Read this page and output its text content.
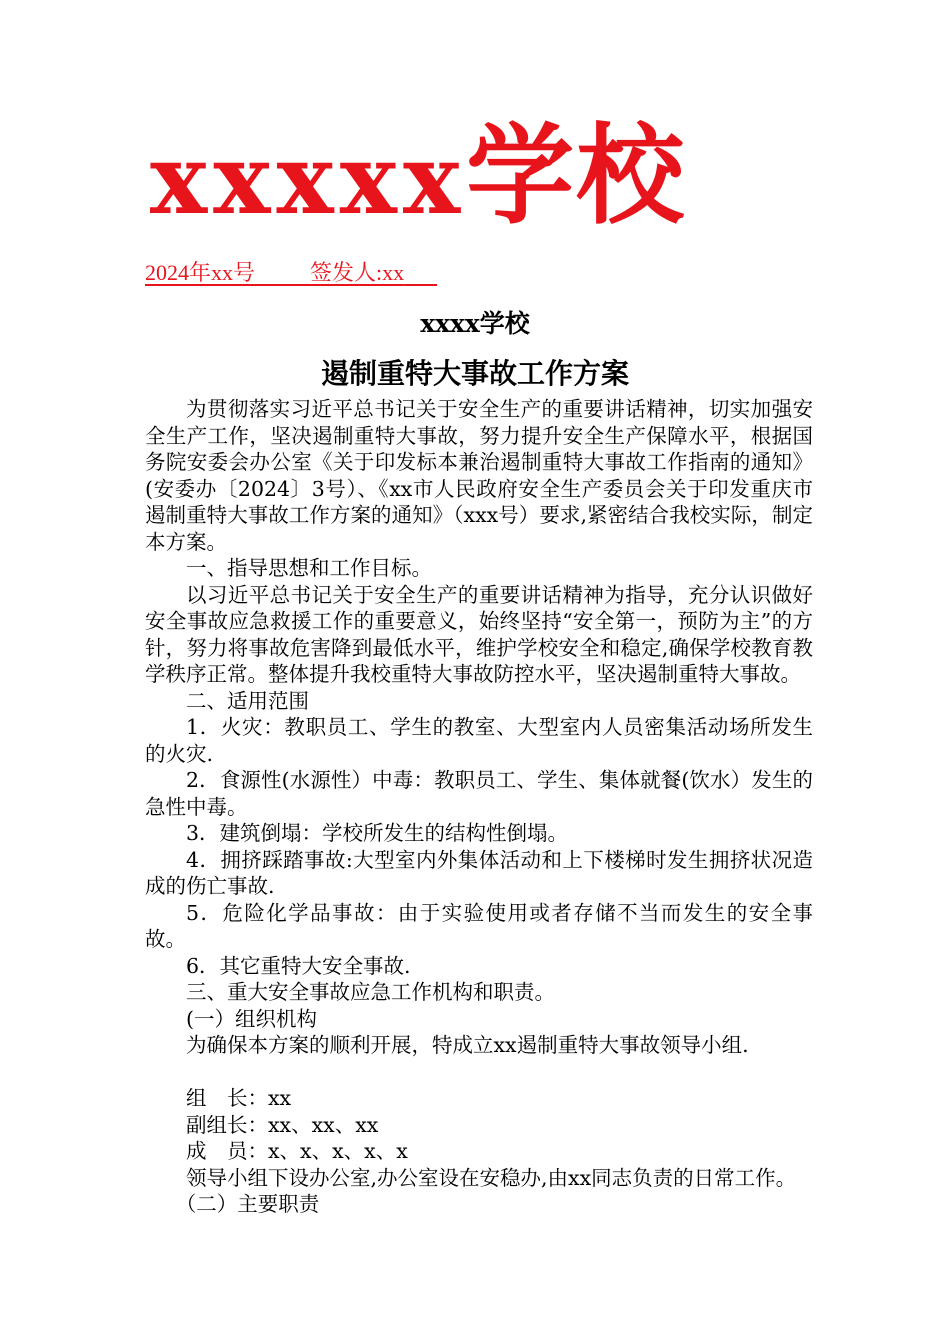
xxxxx学校
2024年xx号	签发人:xx
xxxx学校
遏制重特大事故工作方案

为贯彻落实习近平总书记关于安全生产的重要讲话精神，切实加强安全生产工作，坚决遏制重特大事故，努力提升安全生产保障水平，根据国务院安委会办公室《关于印发标本兼治遏制重特大事故工作指南的通知》(安委办〔2024〕3号）、《xx市人民政府安全生产委员会关于印发重庆市遏制重特大事故工作方案的通知》（xxx号）要求,紧密结合我校实际，制定本方案。

一、指导思想和工作目标。

以习近平总书记关于安全生产的重要讲话精神为指导，充分认识做好安全事故应急救援工作的重要意义，始终坚持“安全第一，预防为主”的方针，努力将事故危害降到最低水平，维护学校安全和稳定,确保学校教育教学秩序正常。整体提升我校重特大事故防控水平，坚决遏制重特大事故。

二、适用范围

1．火灾：教职员工、学生的教室、大型室内人员密集活动场所发生的火灾.

2．食源性(水源性）中毒：教职员工、学生、集体就餐(饮水）发生的急性中毒。

3．建筑倒塌：学校所发生的结构性倒塌。

4．拥挤踩踏事故:大型室内外集体活动和上下楼梯时发生拥挤状况造成的伤亡事故.

5．危险化学品事故：由于实验使用或者存储不当而发生的安全事故。

6．其它重特大安全事故.

三、重大安全事故应急工作机构和职责。

(一）组织机构

为确保本方案的顺利开展，特成立xx遏制重特大事故领导小组.

组　长：xx

副组长：xx、xx、xx

成　员：x、x、x、x、x

领导小组下设办公室,办公室设在安稳办,由xx同志负责的日常工作。

（二）主要职责
